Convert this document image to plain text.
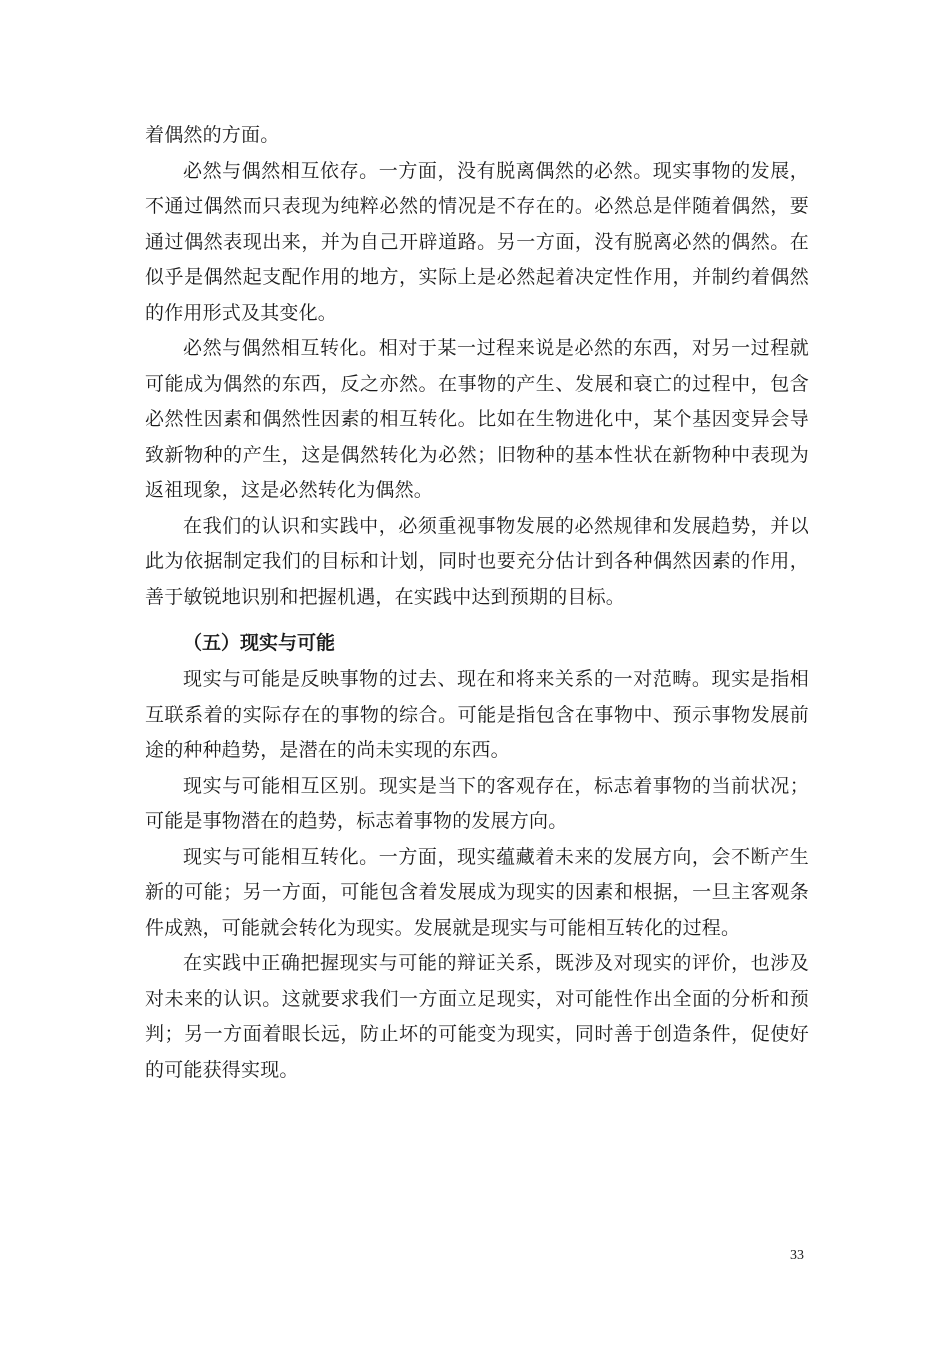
着偶然的方面。

必然与偶然相互依存。一方面，没有脱离偶然的必然。现实事物的发展，不通过偶然而只表现为纯粹必然的情况是不存在的。必然总是伴随着偶然，要通过偶然表现出来，并为自己开辟道路。另一方面，没有脱离必然的偶然。在似乎是偶然起支配作用的地方，实际上是必然起着决定性作用，并制约着偶然的作用形式及其变化。

必然与偶然相互转化。相对于某一过程来说是必然的东西，对另一过程就可能成为偶然的东西，反之亦然。在事物的产生、发展和衰亡的过程中，包含必然性因素和偶然性因素的相互转化。比如在生物进化中，某个基因变异会导致新物种的产生，这是偶然转化为必然；旧物种的基本性状在新物种中表现为返祖现象，这是必然转化为偶然。

在我们的认识和实践中，必须重视事物发展的必然规律和发展趋势，并以此为依据制定我们的目标和计划，同时也要充分估计到各种偶然因素的作用，善于敏锐地识别和把握机遇，在实践中达到预期的目标。

（五）现实与可能

现实与可能是反映事物的过去、现在和将来关系的一对范畴。现实是指相互联系着的实际存在的事物的综合。可能是指包含在事物中、预示事物发展前途的种种趋势，是潜在的尚未实现的东西。

现实与可能相互区别。现实是当下的客观存在，标志着事物的当前状况；可能是事物潜在的趋势，标志着事物的发展方向。

现实与可能相互转化。一方面，现实蕴藏着未来的发展方向，会不断产生新的可能；另一方面，可能包含着发展成为现实的因素和根据，一旦主客观条件成熟，可能就会转化为现实。发展就是现实与可能相互转化的过程。

在实践中正确把握现实与可能的辩证关系，既涉及对现实的评价，也涉及对未来的认识。这就要求我们一方面立足现实，对可能性作出全面的分析和预判；另一方面着眼长远，防止坏的可能变为现实，同时善于创造条件，促使好的可能获得实现。

33
